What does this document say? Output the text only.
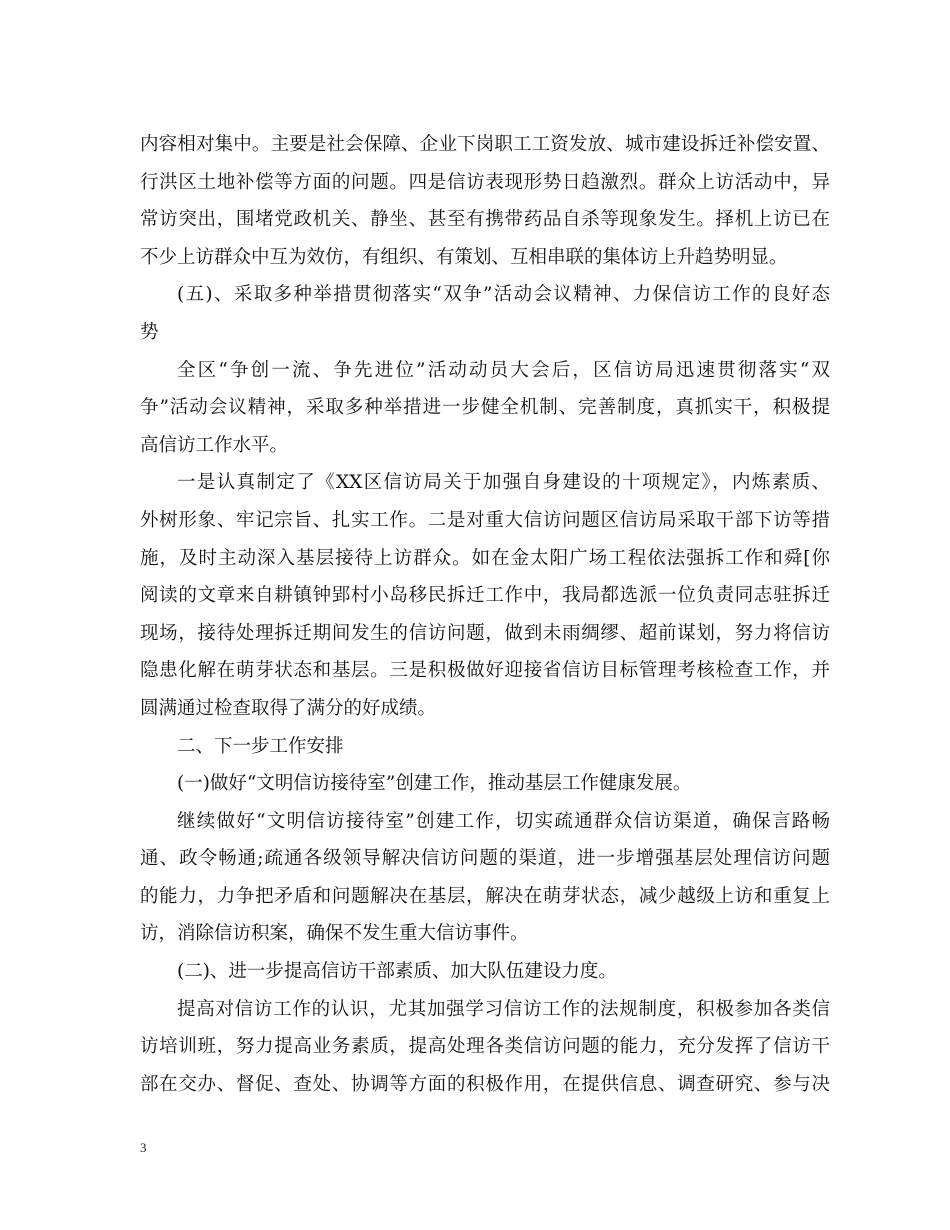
内容相对集中。主要是社会保障、企业下岗职工工资发放、城市建设拆迁补偿安置、
行洪区土地补偿等方面的问题。四是信访表现形势日趋激烈。群众上访活动中，异
常访突出，围堵党政机关、静坐、甚至有携带药品自杀等现象发生。择机上访已在
不少上访群众中互为效仿，有组织、有策划、互相串联的集体访上升趋势明显。
(五)、采取多种举措贯彻落实“双争”活动会议精神、力保信访工作的良好态
势
全区“争创一流、争先进位”活动动员大会后，区信访局迅速贯彻落实“双
争”活动会议精神，采取多种举措进一步健全机制、完善制度，真抓实干，积极提
高信访工作水平。
一是认真制定了《XX区信访局关于加强自身建设的十项规定》，内炼素质、
外树形象、牢记宗旨、扎实工作。二是对重大信访问题区信访局采取干部下访等措
施，及时主动深入基层接待上访群众。如在金太阳广场工程依法强拆工作和舜[你
阅读的文章来自耕镇钟郢村小岛移民拆迁工作中，我局都选派一位负责同志驻拆迁
现场，接待处理拆迁期间发生的信访问题，做到未雨绸缪、超前谋划，努力将信访
隐患化解在萌芽状态和基层。三是积极做好迎接省信访目标管理考核检查工作，并
圆满通过检查取得了满分的好成绩。
二、下一步工作安排
(一)做好“文明信访接待室”创建工作，推动基层工作健康发展。
继续做好“文明信访接待室”创建工作，切实疏通群众信访渠道，确保言路畅
通、政令畅通;疏通各级领导解决信访问题的渠道，进一步增强基层处理信访问题
的能力，力争把矛盾和问题解决在基层，解决在萌芽状态，减少越级上访和重复上
访，消除信访积案，确保不发生重大信访事件。
(二)、进一步提高信访干部素质、加大队伍建设力度。
提高对信访工作的认识，尤其加强学习信访工作的法规制度，积极参加各类信
访培训班，努力提高业务素质，提高处理各类信访问题的能力，充分发挥了信访干
部在交办、督促、查处、协调等方面的积极作用，在提供信息、调查研究、参与决
3
